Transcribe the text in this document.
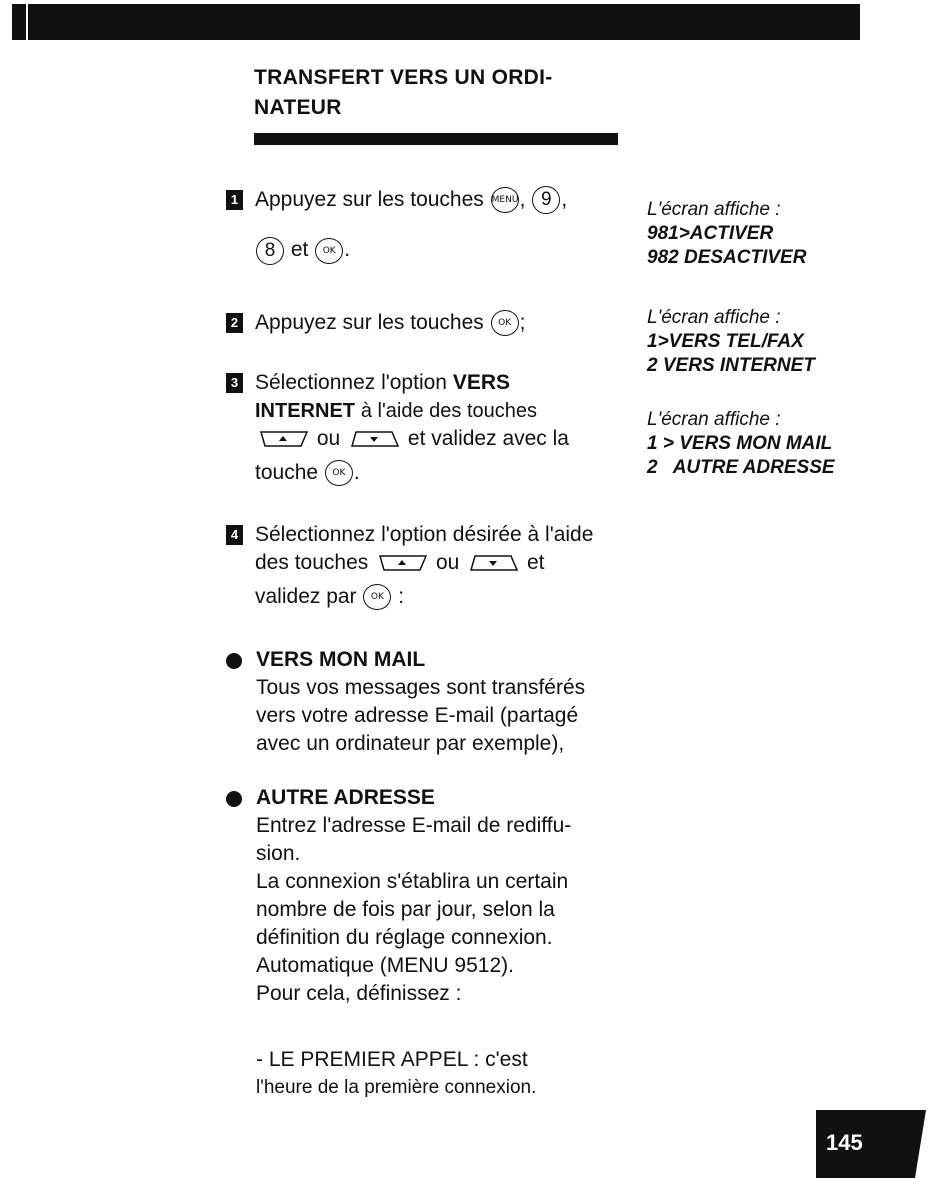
TRANSFERT VERS UN ORDI- NATEUR
1 Appuyez sur les touches MENU, 9 ,
8 et OK .
2 Appuyez sur les touches OK ;
3 Sélectionnez l'option VERS
INTERNET à l'aide des touches
ou	et validez avec la
touche OK .
4 Sélectionnez l'option désirée à l'aide
des touches	ou	et
validez par OK :
VERS MON MAIL
Tous vos messages sont transférés
vers votre adresse E-mail (partagé
avec un ordinateur par exemple),
AUTRE ADRESSE
Entrez l'adresse E-mail de rediffu-
sion.
La connexion s'établira un certain
nombre de fois par jour, selon la
définition du réglage connexion.
Automatique (MENU 9512).
Pour cela, définissez :
- LE PREMIER APPEL : c'est
l'heure de la première connexion.
L'écran affiche :
981>ACTIVER
982 DESACTIVER
L'écran affiche :
1>VERS TEL/FAX
2 VERS INTERNET
L'écran affiche :
1 > VERS MON MAIL
2   AUTRE ADRESSE
145
